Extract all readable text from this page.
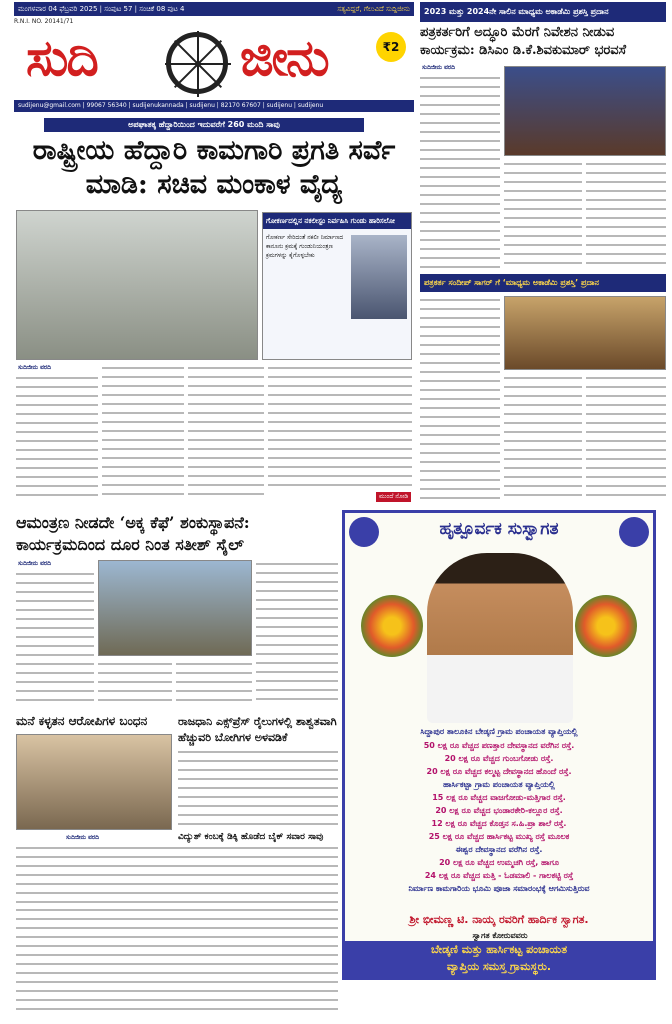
ಮಂಗಳವಾರ 04 ಫೆಬ್ರವರಿ 2025 | ಸಂಪುಟ 57 | ಸಂಚಿಕೆ 08 ಪುಟ 4	ಸತ್ಯವಿದ್ದರೆ, ಗೆಲುವಿದೆ ಸುದ್ದಿಜೀನು
R.N.I. NO. 20141/71
ಸುದಿ	ಜೀನು	₹2
sudijenu@gmail.com | 99067 56340 | sudijenukannada | sudijenu | 82170 67607 | sudijenu | sudijenu
ಅಪಘಾತಕ್ಕ ಹೆದ್ದಾರಿಯಿಂದ ಇದುವರೆಗೆ 260 ಮಂದಿ ಸಾವು
ರಾಷ್ಟ್ರೀಯ ಹೆದ್ದಾರಿ ಕಾಮಗಾರಿ ಪ್ರಗತಿ ಸರ್ವೆ ಮಾಡಿ: ಸಚಿವ ಮಂಕಾಳ ವೈದ್ಯ
ಗೋಕರ್ಣದಲ್ಲಿನ ನಕಲೀಸ್ಟಂ ನಿರ್ವಹಿಸಿ ಗುಂಡು ಹಾರಿಸಲೋ
ಗೋಕರ್ಣ ಸೇರಿದಂತೆ ನಕಲೀ ನಿರ್ಮಾಣದ ಕಾನೂನು ಕ್ರಮಕ್ಕೆ ಗುಂಡುನಿಯಂತ್ರಣ ಕ್ರಮಗಳನ್ನು ಕೈಗೊಳ್ಳಬೇಕು
ಸುದಿಜೀನು ವರದಿ
ಮುಂದೆ ನೋಡಿ
2023 ಮತ್ತು 2024ನೇ ಸಾಲಿನ ಮಾಧ್ಯಮ ಅಕಾಡೆಮಿ ಪ್ರಶಸ್ತಿ ಪ್ರದಾನ
ಪತ್ರಕರ್ತರಿಗೆ ಅದ್ಧೂರಿ ಮೆರಗೆ ನಿವೇಶನ ನೀಡುವ ಕಾರ್ಯಕ್ರಮ: ಡಿಸಿಎಂ ಡಿ.ಕೆ.ಶಿವಕುಮಾರ್ ಭರವಸೆ
ಸುದಿಜೀನು ವರದಿ
ಪತ್ರಕರ್ತ ಸಂದೀಪ್ ಸಾಗರ್ ಗೆ ‘ಮಾಧ್ಯಮ ಅಕಾಡೆಮಿ ಪ್ರಶಸ್ತಿ’ ಪ್ರದಾನ
ಆಮಂತ್ರಣ ನೀಡದೇ ‘ಅಕ್ಕ ಕೆಫೆ’ ಶಂಕುಸ್ಥಾಪನೆ: ಕಾರ್ಯಕ್ರಮದಿಂದ ದೂರ ನಿಂತ ಸತೀಶ್ ಸೈಲ್
ಸುದಿಜೀನು ವರದಿ
ಮನೆ ಕಳ್ಳತನ ಆರೋಪಿಗಳ ಬಂಧನ
ಸುದಿಜೀನು ವರದಿ
ರಾಜಧಾನಿ ಎಕ್ಸ್‌ಪ್ರೆಸ್ ರೈಲುಗಳಲ್ಲಿ ಶಾಶ್ವತವಾಗಿ ಹೆಚ್ಚುವರಿ ಬೋಗಿಗಳ ಅಳವಡಿಕೆ
ವಿದ್ಯುತ್ ಕಂಬಕ್ಕೆ ಡಿಕ್ಕಿ ಹೊಡೆದ ಬೈಕ್ ಸವಾರ ಸಾವು
ಹೃತ್ಪೂರ್ವಕ ಸುಸ್ವಾಗತ
ಸಿದ್ದಾಪುರ ತಾಲೂಕಿನ ಬೇಡ್ಕಣಿ ಗ್ರಾಮ ಪಂಚಾಯತ ವ್ಯಾಪ್ತಿಯಲ್ಲಿ
50 ಲಕ್ಷ ರೂ ವೆಚ್ಚದ ಪಣತ್ತಾರ ದೇವಸ್ಥಾನದ ವರೆಗಿನ ರಸ್ತೆ.
20 ಲಕ್ಷ ರೂ ವೆಚ್ಚದ ಗುಂಬಗೋಡು ರಸ್ತೆ.
20 ಲಕ್ಷ ರೂ ವೆಚ್ಚದ ಕಲ್ಮಟ್ಟ ದೇವಸ್ಥಾನದ ಹೊಂದೆ ರಸ್ತೆ.
ಹಾರ್ಸಿಕಟ್ಟಾ ಗ್ರಾಮ ಪಂಚಾಯತ ವ್ಯಾಪ್ತಿಯಲ್ಲಿ
15 ಲಕ್ಷ ರೂ ವೆಚ್ಚದ ವಾಜಗೋಡು-ಮತ್ತಿಗಾರ ರಸ್ತೆ.
20 ಲಕ್ಷ ರೂ ವೆಚ್ಚದ ಭಂಡಾರಕೇರಿ-ಕಲ್ಲೂರ ರಸ್ತೆ.
12 ಲಕ್ಷ ರೂ ವೆಚ್ಚದ ಕೊಡ್ತನ ಸ.ಹಿ.ಪ್ರಾ ಶಾಲೆ ರಸ್ತೆ.
25 ಲಕ್ಷ ರೂ ವೆಚ್ಚದ ಹಾರ್ಸಿಕಟ್ಟ ಮುಖ್ಯ ರಸ್ತೆ ಮೂಲಕ
ಈಶ್ವರ ದೇವಸ್ಥಾನದ ವರೆಗಿನ ರಸ್ತೆ.
20 ಲಕ್ಷ ರೂ ವೆಚ್ಚದ ಉಮ್ಮಚಗಿ ರಸ್ತೆ, ಹಾಗೂ
24 ಲಕ್ಷ ರೂ ವೆಚ್ಚದ ಮತ್ತಿ - ಓಡಮಾಲಿ - ಗಾಲಕಟ್ಟಿ ರಸ್ತೆ
ನಿರ್ಮಾಣ ಕಾಮಗಾರಿಯ ಭೂಮಿ ಪೂಜಾ ಸಮಾರಂಭಕ್ಕೆ ಆಗಮಿಸುತ್ತಿರುವ
ಶ್ರೀ ಭೀಮಣ್ಣ ಟಿ. ನಾಯ್ಕ ರವರಿಗೆ ಹಾರ್ದಿಕ ಸ್ವಾಗತ.
ಸ್ವಾಗತ ಕೋರುವವರು
ಬೇಡ್ಕಣಿ ಮತ್ತು ಹಾರ್ಸಿಕಟ್ಟ ಪಂಚಾಯತ
ವ್ಯಾಪ್ತಿಯ ಸಮಸ್ತ ಗ್ರಾಮಸ್ಥರು.
